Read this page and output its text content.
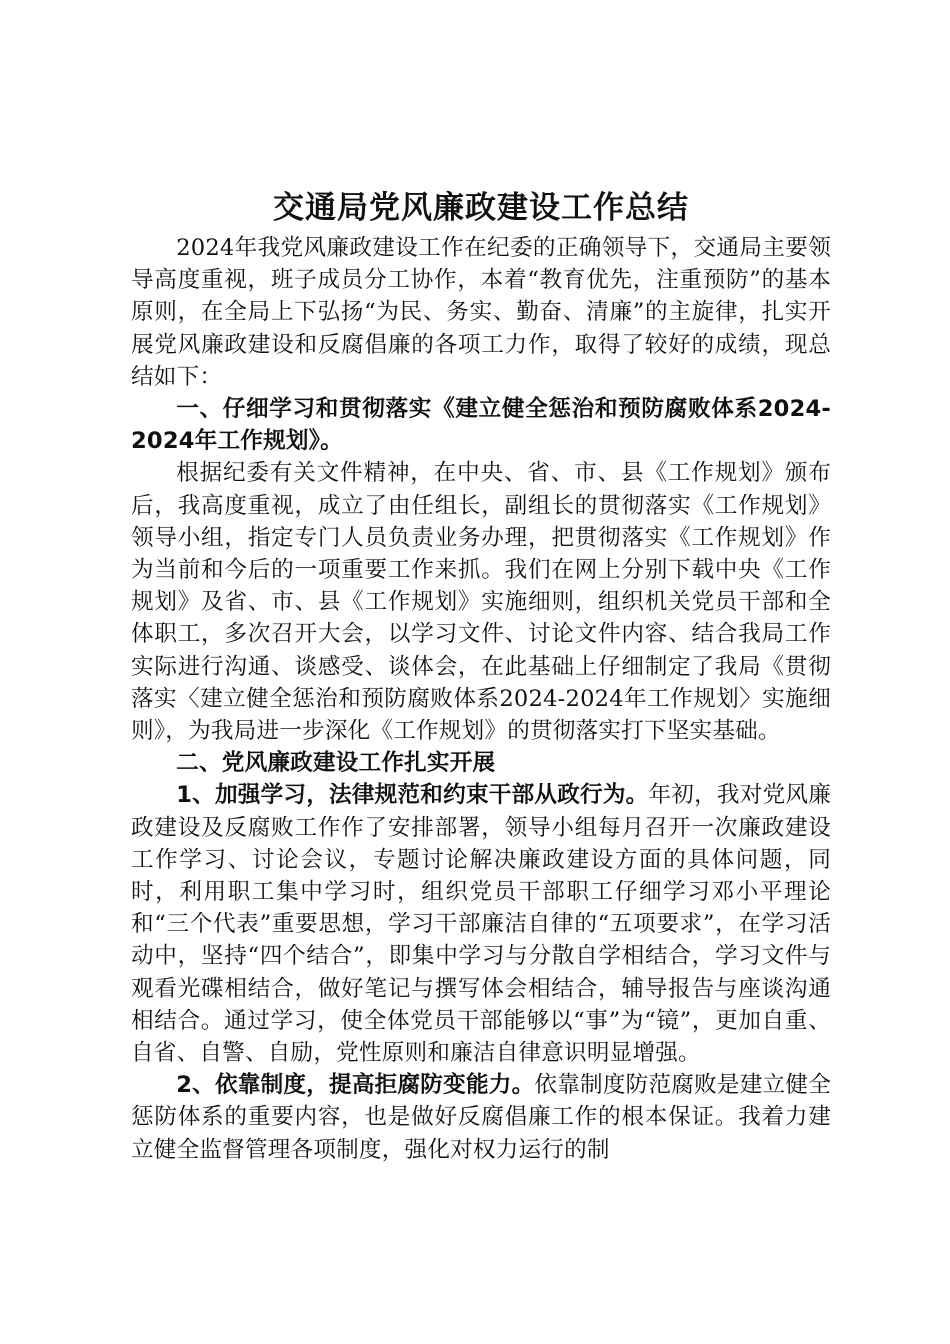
交通局党风廉政建设工作总结

2024年我党风廉政建设工作在纪委的正确领导下，交通局主要领导高度重视，班子成员分工协作，本着“教育优先，注重预防”的基本原则，在全局上下弘扬“为民、务实、勤奋、清廉”的主旋律，扎实开展党风廉政建设和反腐倡廉的各项工力作，取得了较好的成绩，现总结如下：

一、仔细学习和贯彻落实《建立健全惩治和预防腐败体系2024-2024年工作规划》。

根据纪委有关文件精神，在中央、省、市、县《工作规划》颁布后，我高度重视，成立了由任组长，副组长的贯彻落实《工作规划》领导小组，指定专门人员负责业务办理，把贯彻落实《工作规划》作为当前和今后的一项重要工作来抓。我们在网上分别下载中央《工作规划》及省、市、县《工作规划》实施细则，组织机关党员干部和全体职工，多次召开大会，以学习文件、讨论文件内容、结合我局工作实际进行沟通、谈感受、谈体会，在此基础上仔细制定了我局《贯彻落实〈建立健全惩治和预防腐败体系2024-2024年工作规划〉实施细则》，为我局进一步深化《工作规划》的贯彻落实打下坚实基础。

二、党风廉政建设工作扎实开展

1、加强学习，法律规范和约束干部从政行为。年初，我对党风廉政建设及反腐败工作作了安排部署，领导小组每月召开一次廉政建设工作学习、讨论会议，专题讨论解决廉政建设方面的具体问题，同时，利用职工集中学习时，组织党员干部职工仔细学习邓小平理论和“三个代表”重要思想，学习干部廉洁自律的“五项要求”，在学习活动中，坚持“四个结合”，即集中学习与分散自学相结合，学习文件与观看光碟相结合，做好笔记与撰写体会相结合，辅导报告与座谈沟通相结合。通过学习，使全体党员干部能够以“事”为“镜”，更加自重、自省、自警、自励，党性原则和廉洁自律意识明显增强。

2、依靠制度，提高拒腐防变能力。依靠制度防范腐败是建立健全惩防体系的重要内容，也是做好反腐倡廉工作的根本保证。我着力建立健全监督管理各项制度，强化对权力运行的制
